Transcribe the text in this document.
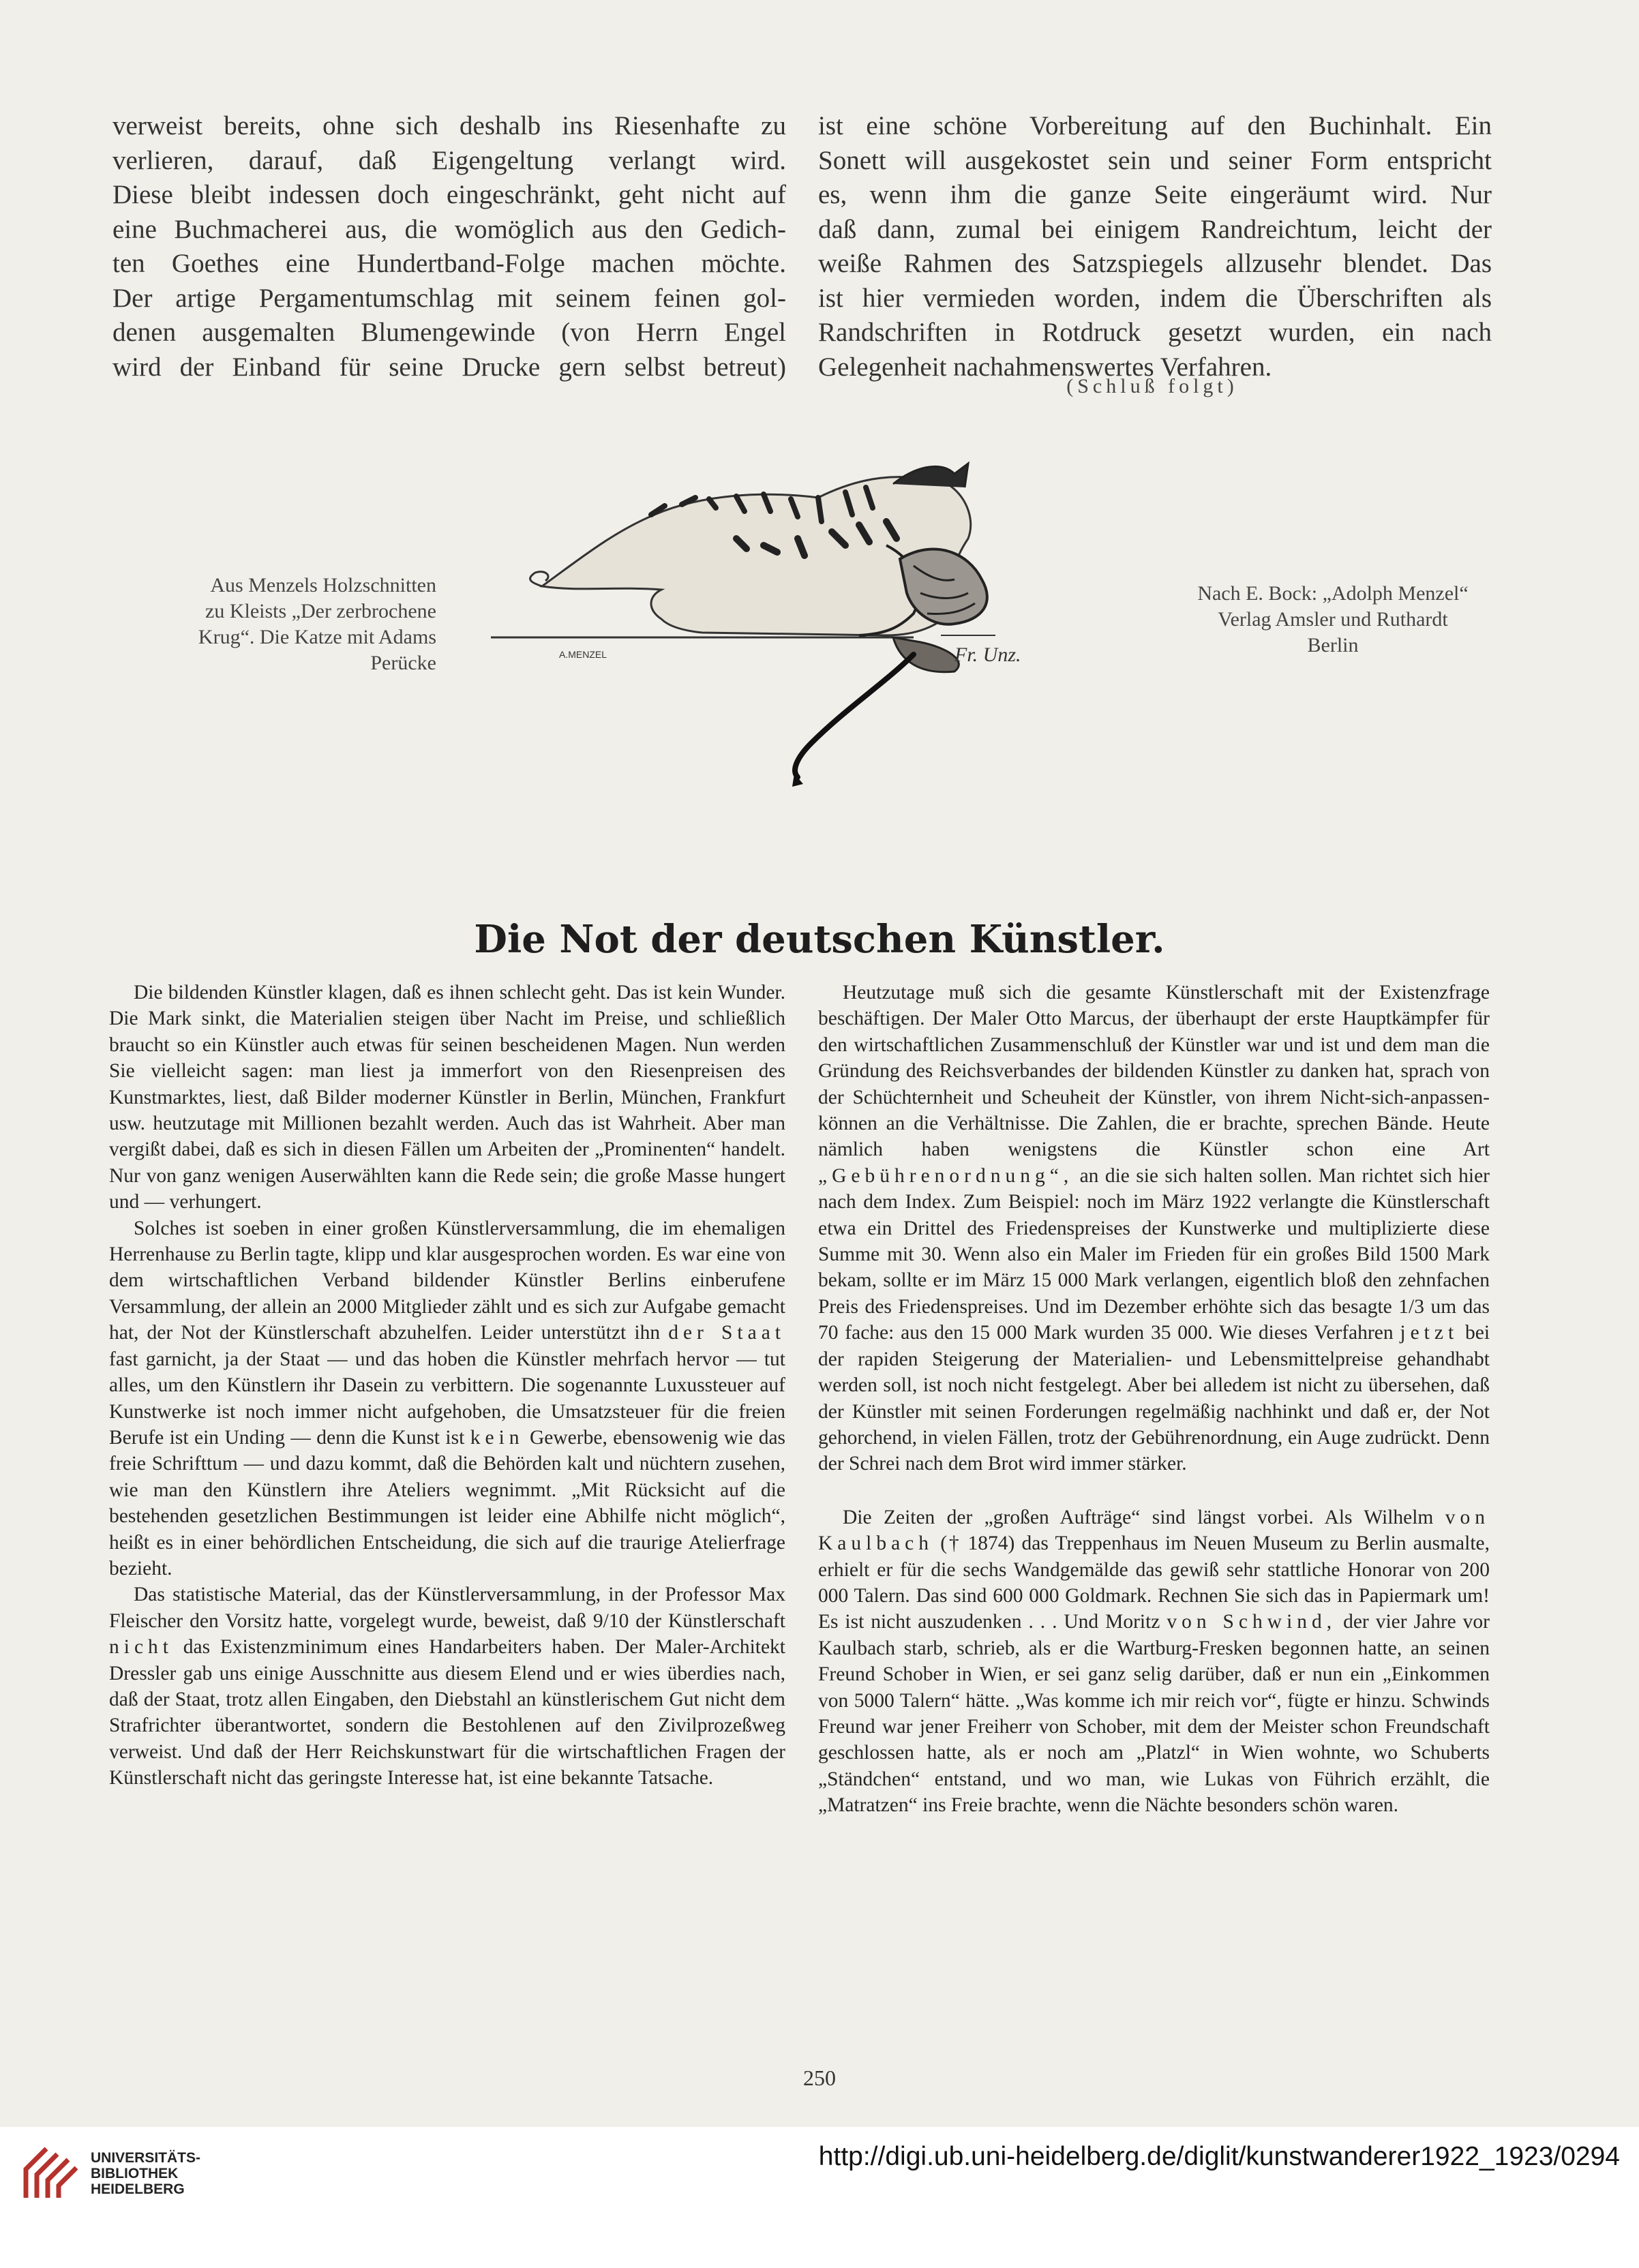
verweist bereits, ohne sich deshalb ins Riesenhafte zu

verlieren, darauf, daß Eigengeltung verlangt wird.

Diese bleibt indessen doch eingeschränkt, geht nicht auf

eine Buchmacherei aus, die womöglich aus den Gedich-

ten Goethes eine Hundertband-Folge machen möchte.

Der artige Pergamentumschlag mit seinem feinen gol-

denen ausgemalten Blumengewinde (von Herrn Engel

wird der Einband für seine Drucke gern selbst betreut)

ist eine schöne Vorbereitung auf den Buchinhalt. Ein

Sonett will ausgekostet sein und seiner Form entspricht

es, wenn ihm die ganze Seite eingeräumt wird. Nur

daß dann, zumal bei einigem Randreichtum, leicht der

weiße Rahmen des Satzspiegels allzusehr blendet. Das

ist hier vermieden worden, indem die Überschriften als

Randschriften in Rotdruck gesetzt wurden, ein nach

Gelegenheit nachahmenswertes Verfahren.

(Schluß folgt)
Aus Menzels Holzschnitten
zu Kleists „Der zerbrochene
Krug“. Die Katze mit Adams
Perücke
Nach E. Bock: „Adolph Menzel“
Verlag Amsler und Ruthardt
Berlin
A.MENZEL	Fr. Unz.
Die Not der deutschen Künstler.

Die bildenden Künstler klagen, daß es ihnen schlecht geht. Das ist kein Wunder. Die Mark sinkt, die Materialien steigen über Nacht im Preise, und schließlich braucht so ein Künstler auch etwas für seinen bescheidenen Magen. Nun werden Sie vielleicht sagen: man liest ja immerfort von den Riesenpreisen des Kunstmarktes, liest, daß Bilder moderner Künstler in Berlin, München, Frankfurt usw. heutzutage mit Millionen bezahlt werden. Auch das ist Wahrheit. Aber man vergißt dabei, daß es sich in diesen Fällen um Arbeiten der „Prominenten“ handelt. Nur von ganz wenigen Auserwählten kann die Rede sein; die große Masse hungert und — verhungert.

Solches ist soeben in einer großen Künstlerversammlung, die im ehemaligen Herrenhause zu Berlin tagte, klipp und klar ausgesprochen worden. Es war eine von dem wirtschaftlichen Verband bildender Künstler Berlins einberufene Versammlung, der allein an 2000 Mitglieder zählt und es sich zur Aufgabe gemacht hat, der Not der Künstlerschaft abzuhelfen. Leider unterstützt ihn der Staat fast garnicht, ja der Staat — und das hoben die Künstler mehrfach hervor — tut alles, um den Künstlern ihr Dasein zu verbittern. Die sogenannte Luxussteuer auf Kunstwerke ist noch immer nicht aufgehoben, die Umsatzsteuer für die freien Berufe ist ein Unding — denn die Kunst ist kein Gewerbe, ebensowenig wie das freie Schrifttum — und dazu kommt, daß die Behörden kalt und nüchtern zusehen, wie man den Künstlern ihre Ateliers wegnimmt. „Mit Rücksicht auf die bestehenden gesetzlichen Bestimmungen ist leider eine Abhilfe nicht möglich“, heißt es in einer behördlichen Entscheidung, die sich auf die traurige Atelierfrage bezieht.

Das statistische Material, das der Künstlerversammlung, in der Professor Max Fleischer den Vorsitz hatte, vorgelegt wurde, beweist, daß 9/10 der Künstlerschaft nicht das Existenzminimum eines Handarbeiters haben. Der Maler-Architekt Dressler gab uns einige Ausschnitte aus diesem Elend und er wies überdies nach, daß der Staat, trotz allen Eingaben, den Diebstahl an künstlerischem Gut nicht dem Strafrichter überantwortet, sondern die Bestohlenen auf den Zivilprozeßweg verweist. Und daß der Herr Reichskunstwart für die wirtschaftlichen Fragen der Künstlerschaft nicht das geringste Interesse hat, ist eine bekannte Tatsache.

Heutzutage muß sich die gesamte Künstlerschaft mit der Existenzfrage beschäftigen. Der Maler Otto Marcus, der überhaupt der erste Hauptkämpfer für den wirtschaftlichen Zusammenschluß der Künstler war und ist und dem man die Gründung des Reichsverbandes der bildenden Künstler zu danken hat, sprach von der Schüchternheit und Scheuheit der Künstler, von ihrem Nicht-sich-anpassen-können an die Verhältnisse. Die Zahlen, die er brachte, sprechen Bände. Heute nämlich haben wenigstens die Künstler schon eine Art „Gebührenordnung“, an die sie sich halten sollen. Man richtet sich hier nach dem Index. Zum Beispiel: noch im März 1922 verlangte die Künstlerschaft etwa ein Drittel des Friedenspreises der Kunstwerke und multiplizierte diese Summe mit 30. Wenn also ein Maler im Frieden für ein großes Bild 1500 Mark bekam, sollte er im März 15 000 Mark verlangen, eigentlich bloß den zehnfachen Preis des Friedenspreises. Und im Dezember erhöhte sich das besagte 1/3 um das 70 fache: aus den 15 000 Mark wurden 35 000. Wie dieses Verfahren jetzt bei der rapiden Steigerung der Materialien- und Lebensmittelpreise gehandhabt werden soll, ist noch nicht festgelegt. Aber bei alledem ist nicht zu übersehen, daß der Künstler mit seinen Forderungen regelmäßig nachhinkt und daß er, der Not gehorchend, in vielen Fällen, trotz der Gebührenordnung, ein Auge zudrückt. Denn der Schrei nach dem Brot wird immer stärker.

Die Zeiten der „großen Aufträge“ sind längst vorbei. Als Wilhelm von Kaulbach († 1874) das Treppenhaus im Neuen Museum zu Berlin ausmalte, erhielt er für die sechs Wandgemälde das gewiß sehr stattliche Honorar von 200 000 Talern. Das sind 600 000 Goldmark. Rechnen Sie sich das in Papiermark um! Es ist nicht auszudenken . . . Und Moritz von Schwind, der vier Jahre vor Kaulbach starb, schrieb, als er die Wartburg-Fresken begonnen hatte, an seinen Freund Schober in Wien, er sei ganz selig darüber, daß er nun ein „Einkommen von 5000 Talern“ hätte. „Was komme ich mir reich vor“, fügte er hinzu. Schwinds Freund war jener Freiherr von Schober, mit dem der Meister schon Freundschaft geschlossen hatte, als er noch am „Platzl“ in Wien wohnte, wo Schuberts „Ständchen“ entstand, und wo man, wie Lukas von Führich erzählt, die „Matratzen“ ins Freie brachte, wenn die Nächte besonders schön waren.

250
UNIVERSITÄTS-
BIBLIOTHEK
HEIDELBERG
http://digi.ub.uni-heidelberg.de/diglit/kunstwanderer1922_1923/0294
